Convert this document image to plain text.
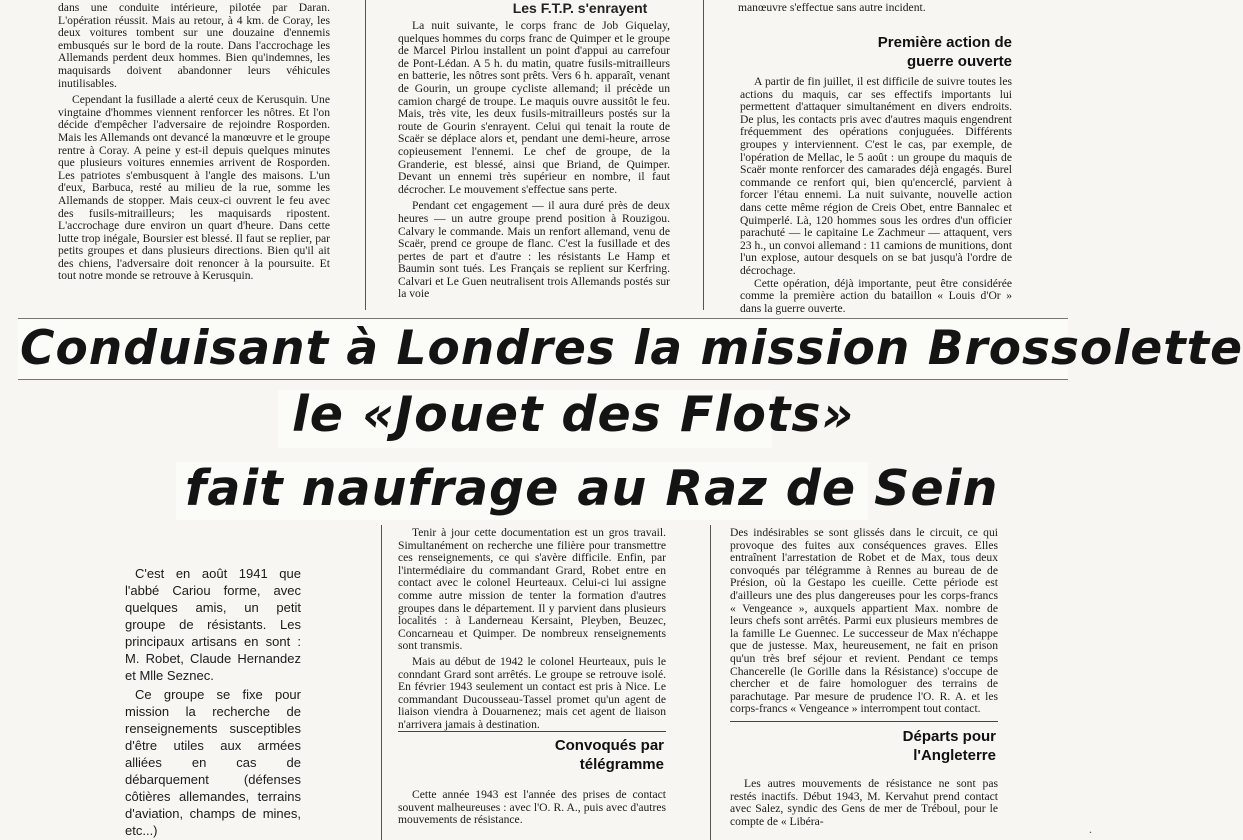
dans une conduite intérieure, pilotée par Daran. L'opération réussit. Mais au retour, à 4 km. de Coray, les deux voitures tombent sur une douzaine d'ennemis embusqués sur le bord de la route. Dans l'accrochage les Allemands perdent deux hommes. Bien qu'indemnes, les maquisards doivent abandonner leurs véhicules inutilisables.

Cependant la fusillade a alerté ceux de Kerusquin. Une vingtaine d'hommes viennent renforcer les nôtres. Et l'on décide d'empêcher l'adversaire de rejoindre Rosporden. Mais les Allemands ont devancé la manœuvre et le groupe rentre à Coray. A peine y est-il depuis quelques minutes que plusieurs voitures ennemies arrivent de Rosporden. Les patriotes s'embusquent à l'angle des maisons. L'un d'eux, Barbuca, resté au milieu de la rue, somme les Allemands de stopper. Mais ceux-ci ouvrent le feu avec des fusils-mitrailleurs; les maquisards ripostent. L'accrochage dure environ un quart d'heure. Dans cette lutte trop inégale, Boursier est blessé. Il faut se replier, par petits groupes et dans plusieurs directions. Bien qu'il ait des chiens, l'adversaire doit renoncer à la poursuite. Et tout notre monde se retrouve à Kerusquin.

Les F.T.P. s'enrayent

La nuit suivante, le corps franc de Job Giquelay, quelques hommes du corps franc de Quimper et le groupe de Marcel Pirlou installent un point d'appui au carrefour de Pont-Lédan. A 5 h. du matin, quatre fusils-mitrailleurs en batterie, les nôtres sont prêts. Vers 6 h. apparaît, venant de Gourin, un groupe cycliste allemand; il précède un camion chargé de troupe. Le maquis ouvre aussitôt le feu. Mais, très vite, les deux fusils-mitrailleurs postés sur la route de Gourin s'enrayent. Celui qui tenait la route de Scaër se déplace alors et, pendant une demi-heure, arrose copieusement l'ennemi. Le chef de groupe, de la Granderie, est blessé, ainsi que Briand, de Quimper. Devant un ennemi très supérieur en nombre, il faut décrocher. Le mouvement s'effectue sans perte.

Pendant cet engagement — il aura duré près de deux heures — un autre groupe prend position à Rouzigou. Calvary le commande. Mais un renfort allemand, venu de Scaër, prend ce groupe de flanc. C'est la fusillade et des pertes de part et d'autre : les résistants Le Hamp et Baumin sont tués. Les Français se replient sur Kerfring. Calvari et Le Guen neutralisent trois Allemands postés sur la voie

manœuvre s'effectue sans autre incident.

Première action de guerre ouverte

A partir de fin juillet, il est difficile de suivre toutes les actions du maquis, car ses effectifs importants lui permettent d'attaquer simultanément en divers endroits. De plus, les contacts pris avec d'autres maquis engendrent fréquemment des opérations conjuguées. Différents groupes y interviennent. C'est le cas, par exemple, de l'opération de Mellac, le 5 août : un groupe du maquis de Scaër monte renforcer des camarades déjà engagés. Burel commande ce renfort qui, bien qu'encerclé, parvient à forcer l'étau ennemi. La nuit suivante, nouvelle action dans cette même région de Creis Obet, entre Bannalec et Quimperlé. Là, 120 hommes sous les ordres d'un officier parachuté — le capitaine Le Zachmeur — attaquent, vers 23 h., un convoi allemand : 11 camions de munitions, dont l'un explose, autour desquels on se bat jusqu'à l'ordre de décrochage.

Cette opération, déjà importante, peut être considérée comme la première action du bataillon « Louis d'Or » dans la guerre ouverte.

Conduisant à Londres la mission Brossolette
le «Jouet des Flots»
fait naufrage au Raz de Sein

C'est en août 1941 que l'abbé Cariou forme, avec quelques amis, un petit groupe de résistants. Les principaux artisans en sont : M. Robet, Claude Hernandez et Mlle Seznec.

Ce groupe se fixe pour mission la recherche de renseignements susceptibles d'être utiles aux armées alliées en cas de débarquement (défenses côtières allemandes, terrains d'aviation, champs de mines, etc...)

Tenir à jour cette documentation est un gros travail. Simultanément on recherche une filière pour transmettre ces renseignements, ce qui s'avère difficile. Enfin, par l'intermédiaire du commandant Grard, Robet entre en contact avec le colonel Heurteaux. Celui-ci lui assigne comme autre mission de tenter la formation d'autres groupes dans le département. Il y parvient dans plusieurs localités : à Landerneau Kersaint, Pleyben, Beuzec, Concarneau et Quimper. De nombreux renseignements sont transmis.

Mais au début de 1942 le colonel Heurteaux, puis le conndant Grard sont arrêtés. Le groupe se retrouve isolé. En février 1943 seulement un contact est pris à Nice. Le commandant Ducousseau-Tassel promet qu'un agent de liaison viendra à Douarnenez; mais cet agent de liaison n'arrivera jamais à destination.

Convoqués par télégramme

Cette année 1943 est l'année des prises de contact souvent malheureuses : avec l'O. R. A., puis avec d'autres mouvements de résistance.

Des indésirables se sont glissés dans le circuit, ce qui provoque des fuites aux conséquences graves. Elles entraînent l'arrestation de Robet et de Max, tous deux convoqués par télégramme à Rennes au bureau de de Présion, où la Gestapo les cueille. Cette période est d'ailleurs une des plus dangereuses pour les corps-francs « Vengeance », auxquels appartient Max. nombre de leurs chefs sont arrêtés. Parmi eux plusieurs membres de la famille Le Guennec. Le successeur de Max n'échappe que de justesse. Max, heureusement, ne fait en prison qu'un très bref séjour et revient. Pendant ce temps Chancerelle (le Gorille dans la Résistance) s'occupe de chercher et de faire homologuer des terrains de parachutage. Par mesure de prudence l'O. R. A. et les corps-francs « Vengeance » interrompent tout contact.

Départs pour l'Angleterre

Les autres mouvements de résistance ne sont pas restés inactifs. Début 1943, M. Kervahut prend contact avec Salez, syndic des Gens de mer de Tréboul, pour le compte de « Libéra-

.
